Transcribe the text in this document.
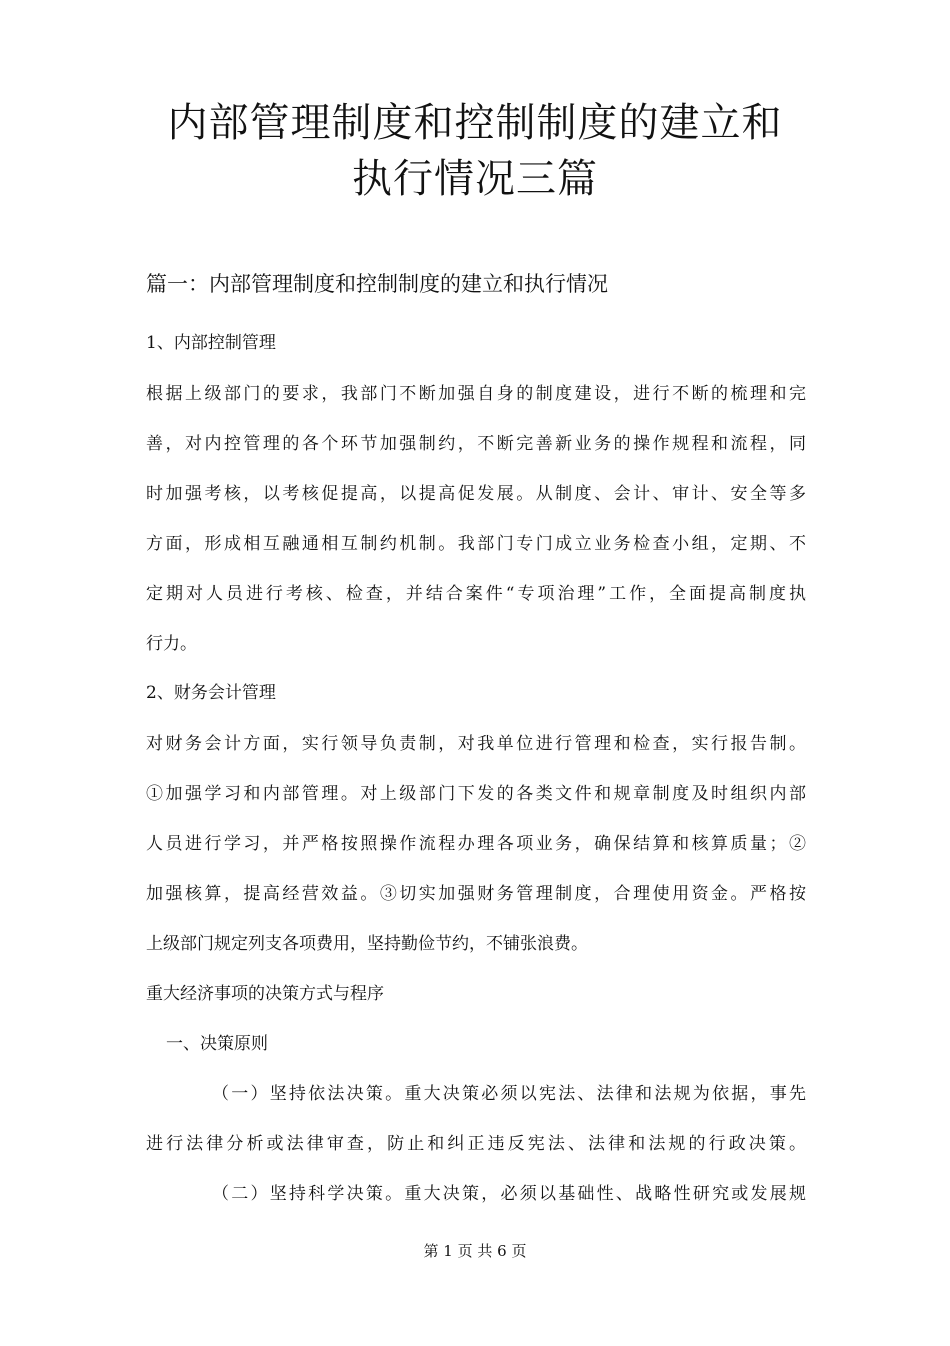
内部管理制度和控制制度的建立和
执行情况三篇
篇一：内部管理制度和控制制度的建立和执行情况
1、内部控制管理
根据上级部门的要求，我部门不断加强自身的制度建设，进行不断的梳理和完
善，对内控管理的各个环节加强制约，不断完善新业务的操作规程和流程，同
时加强考核，以考核促提高，以提高促发展。从制度、会计、审计、安全等多
方面，形成相互融通相互制约机制。我部门专门成立业务检查小组，定期、不
定期对人员进行考核、检查，并结合案件“专项治理”工作，全面提高制度执
行力。
2、财务会计管理
对财务会计方面，实行领导负责制，对我单位进行管理和检查，实行报告制。
①加强学习和内部管理。对上级部门下发的各类文件和规章制度及时组织内部
人员进行学习，并严格按照操作流程办理各项业务，确保结算和核算质量；②
加强核算，提高经营效益。③切实加强财务管理制度，合理使用资金。严格按
上级部门规定列支各项费用，坚持勤俭节约，不铺张浪费。
重大经济事项的决策方式与程序
一、决策原则
（一）坚持依法决策。重大决策必须以宪法、法律和法规为依据，事先
进行法律分析或法律审查，防止和纠正违反宪法、法律和法规的行政决策。
（二）坚持科学决策。重大决策，必须以基础性、战略性研究或发展规
第 1 页 共 6 页
